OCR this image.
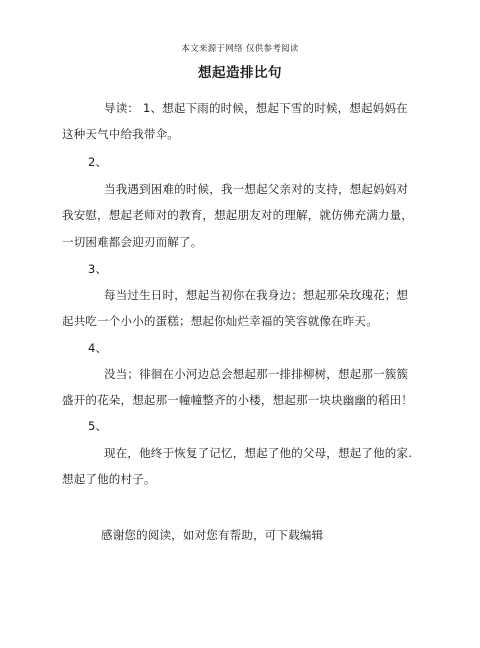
本文来源于网络 仅供参考阅读
想起造排比句
导读： 1、想起下雨的时候，想起下雪的时候，想起妈妈在
这种天气中给我带伞。
2、
当我遇到困难的时候，我一想起父亲对的支持，想起妈妈对
我安慰，想起老师对的教育，想起朋友对的理解，就仿佛充满力量，
一切困难都会迎刃而解了。
3、
每当过生日时，想起当初你在我身边；想起那朵玫瑰花；想
起共吃一个小小的蛋糕；想起你灿烂幸福的笑容就像在昨天。
4、
没当；徘徊在小河边总会想起那一排排柳树，想起那一簇簇
盛开的花朵，想起那一幢幢整齐的小楼，想起那一块块幽幽的稻田！
5、
现在，他终于恢复了记忆，想起了他的父母，想起了他的家.
想起了他的村子。
感谢您的阅读，如对您有帮助，可下载编辑
